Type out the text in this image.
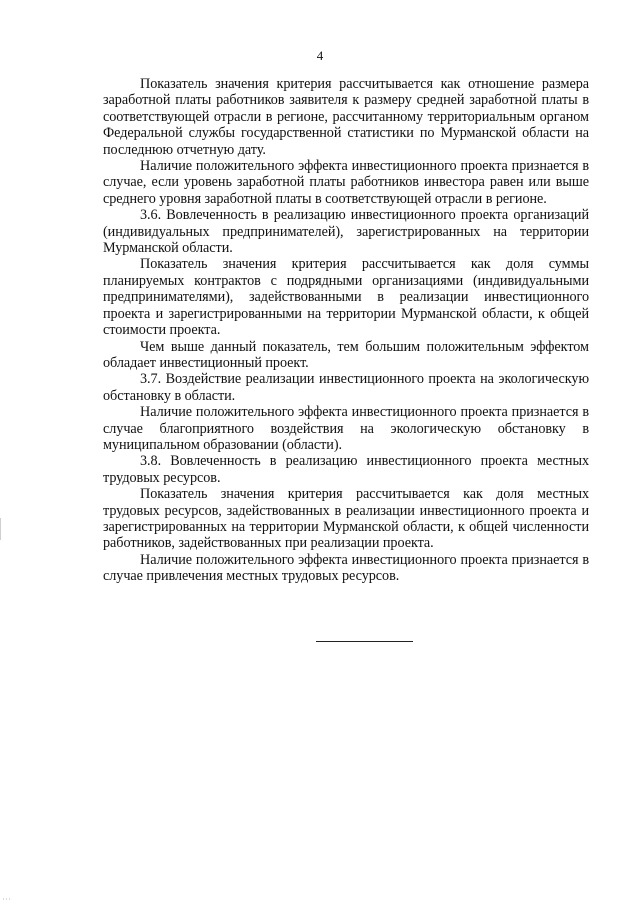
4

Показатель значения критерия рассчитывается как отношение размера заработной платы работников заявителя к размеру средней заработной платы в соответствующей отрасли в регионе, рассчитанному территориальным органом Федеральной службы государственной статистики по Мурманской области на последнюю отчетную дату.

Наличие положительного эффекта инвестиционного проекта признается в случае, если уровень заработной платы работников инвестора равен или выше среднего уровня заработной платы в соответствующей отрасли в регионе.

3.6. Вовлеченность в реализацию инвестиционного проекта организаций (индивидуальных предпринимателей), зарегистрированных на территории Мурманской области.

Показатель значения критерия рассчитывается как доля суммы планируемых контрактов с подрядными организациями (индивидуальными предпринимателями), задействованными в реализации инвестиционного проекта и зарегистрированными на территории Мурманской области, к общей стоимости проекта.

Чем выше данный показатель, тем большим положительным эффектом обладает инвестиционный проект.

3.7. Воздействие реализации инвестиционного проекта на экологическую обстановку в области.

Наличие положительного эффекта инвестиционного проекта признается в случае благоприятного воздействия на экологическую обстановку в муниципальном образовании (области).

3.8. Вовлеченность в реализацию инвестиционного проекта местных трудовых ресурсов.

Показатель значения критерия рассчитывается как доля местных трудовых ресурсов, задействованных в реализации инвестиционного проекта и зарегистрированных на территории Мурманской области, к общей численности работников, задействованных при реализации проекта.

Наличие положительного эффекта инвестиционного проекта признается в случае привлечения местных трудовых ресурсов.
